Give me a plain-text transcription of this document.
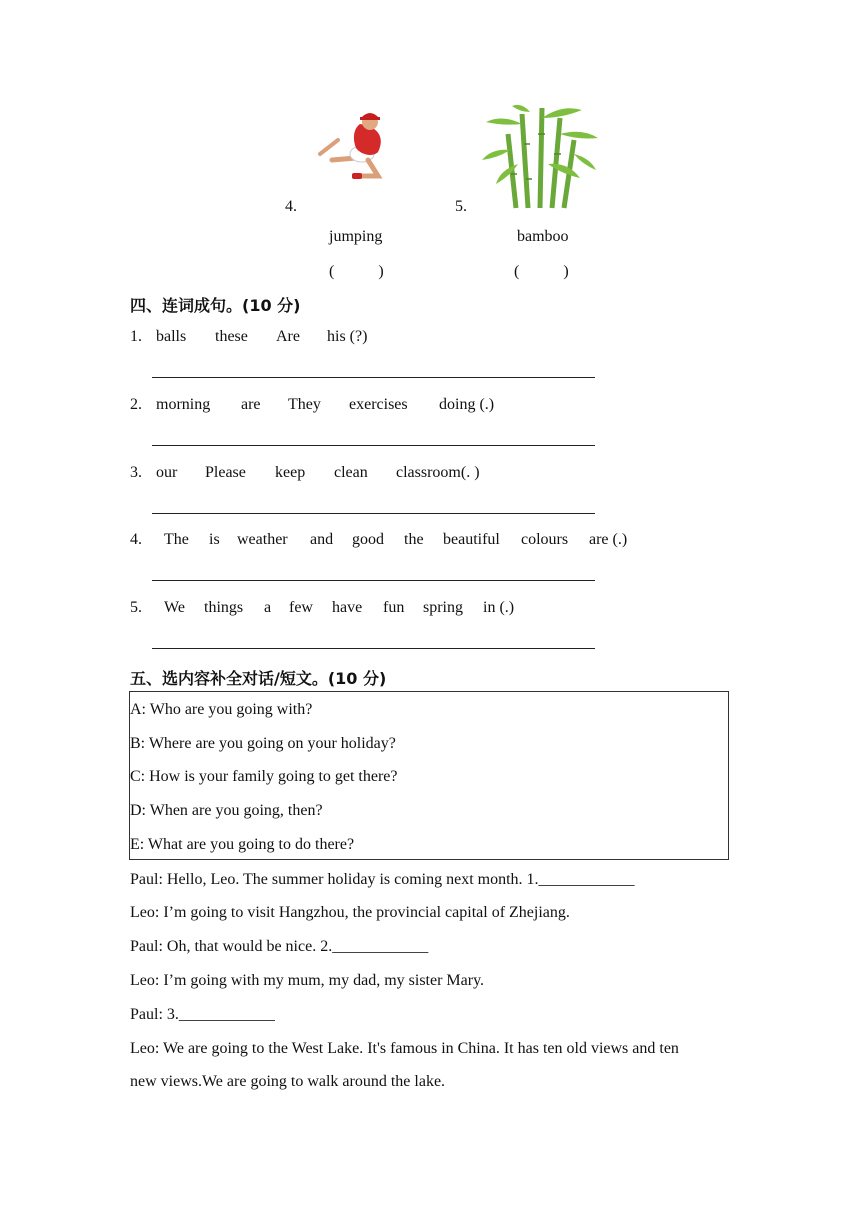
4.	5.
jumping	bamboo
(　　)	(　　)
四、连词成句。(10 分)
1. balls these Are his (?)
2. morning are They exercises doing (.)
3. our Please keep clean classroom(. )
4. The is weather and good the beautiful colours are (.)
5. We things a few have fun spring in (.)
五、选内容补全对话/短文。(10 分)
A: Who are you going with?
B: Where are you going on your holiday?
C: How is your family going to get there?
D: When are you going, then?
E: What are you going to do there?
Paul: Hello, Leo. The summer holiday is coming next month. 1.____________
Leo: I’m going to visit Hangzhou, the provincial capital of Zhejiang.
Paul: Oh, that would be nice. 2.____________
Leo: I’m going with my mum, my dad, my sister Mary.
Paul: 3.____________
Leo: We are going to the West Lake. It's famous in China. It has ten old views and ten
new views.We are going to walk around the lake.
